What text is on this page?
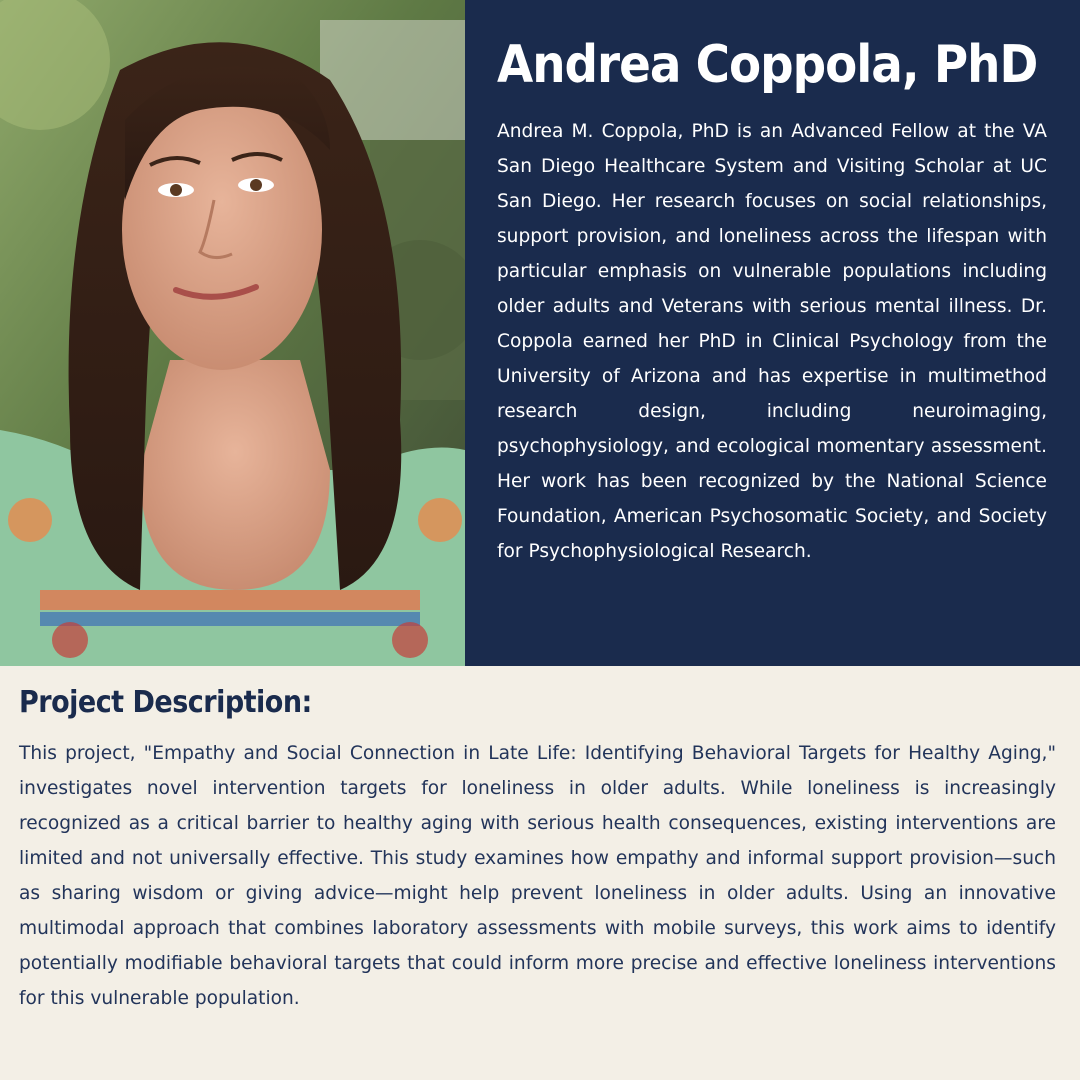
Andrea Coppola, PhD

Andrea M. Coppola, PhD is an Advanced Fellow at the VA San Diego Healthcare System and Visiting Scholar at UC San Diego. Her research focuses on social relationships, support provision, and loneliness across the lifespan with particular emphasis on vulnerable populations including older adults and Veterans with serious mental illness. Dr. Coppola earned her PhD in Clinical Psychology from the University of Arizona and has expertise in multimethod research design, including neuroimaging, psychophysiology, and ecological momentary assessment. Her work has been recognized by the National Science Foundation, American Psychosomatic Society, and Society for Psychophysiological Research.

Project Description:

This project, "Empathy and Social Connection in Late Life: Identifying Behavioral Targets for Healthy Aging," investigates novel intervention targets for loneliness in older adults. While loneliness is increasingly recognized as a critical barrier to healthy aging with serious health consequences, existing interventions are limited and not universally effective. This study examines how empathy and informal support provision—such as sharing wisdom or giving advice—might help prevent loneliness in older adults. Using an innovative multimodal approach that combines laboratory assessments with mobile surveys, this work aims to identify potentially modifiable behavioral targets that could inform more precise and effective loneliness interventions for this vulnerable population.
